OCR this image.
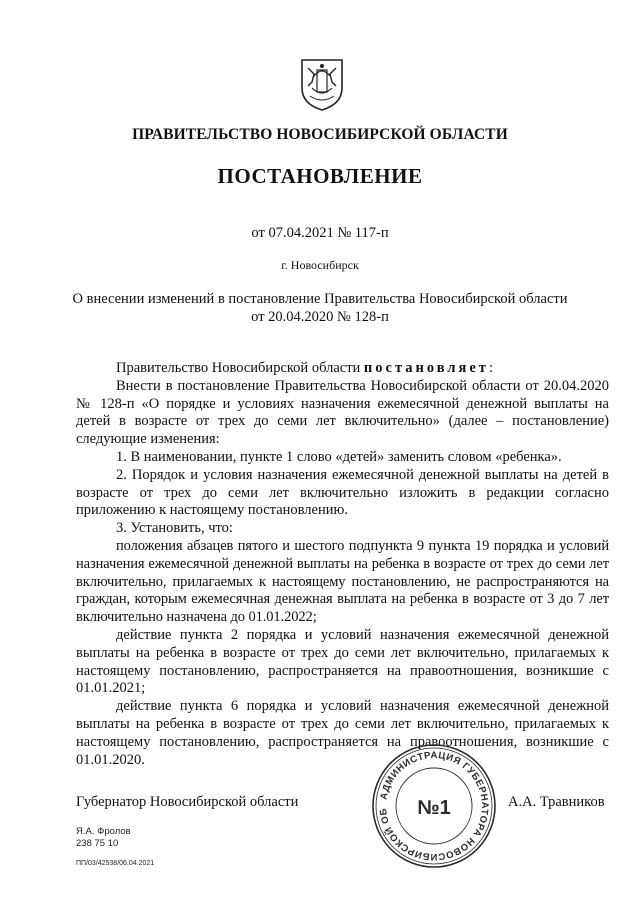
ПРАВИТЕЛЬСТВО НОВОСИБИРСКОЙ ОБЛАСТИ
ПОСТАНОВЛЕНИЕ
от 07.04.2021 № 117-п
г. Новосибирск
О внесении изменений в постановление Правительства Новосибирской области
от 20.04.2020 № 128-п

Правительство Новосибирской области постановляет:

Внести в постановление Правительства Новосибирской области от 20.04.2020 № 128-п «О порядке и условиях назначения ежемесячной денежной выплаты на детей в возрасте от трех до семи лет включительно» (далее – постановление) следующие изменения:

1. В наименовании, пункте 1 слово «детей» заменить словом «ребенка».

2. Порядок и условия назначения ежемесячной денежной выплаты на детей в возрасте от трех до семи лет включительно изложить в редакции согласно приложению к настоящему постановлению.

3. Установить, что:

положения абзацев пятого и шестого подпункта 9 пункта 19 порядка и условий назначения ежемесячной денежной выплаты на ребенка в возрасте от трех до семи лет включительно, прилагаемых к настоящему постановлению, не распространяются на граждан, которым ежемесячная денежная выплата на ребенка в возрасте от 3 до 7 лет включительно назначена до 01.01.2022;

действие пункта 2 порядка и условий назначения ежемесячной денежной выплаты на ребенка в возрасте от трех до семи лет включительно, прилагаемых к настоящему постановлению, распространяется на правоотношения, возникшие с 01.01.2021;

действие пункта 6 порядка и условий назначения ежемесячной денежной выплаты на ребенка в возрасте от трех до семи лет включительно, прилагаемых к настоящему постановлению, распространяется на правоотношения, возникшие с 01.01.2020.

АДМИНИСТРАЦИЯ ГУБЕРНАТОРА НОВОСИБИРСКОЙ ОБ	№1
Губернатор Новосибирской области	А.А. Травников
Я.А. Фролов
238 75 10
ПП/03/42538/06.04.2021
